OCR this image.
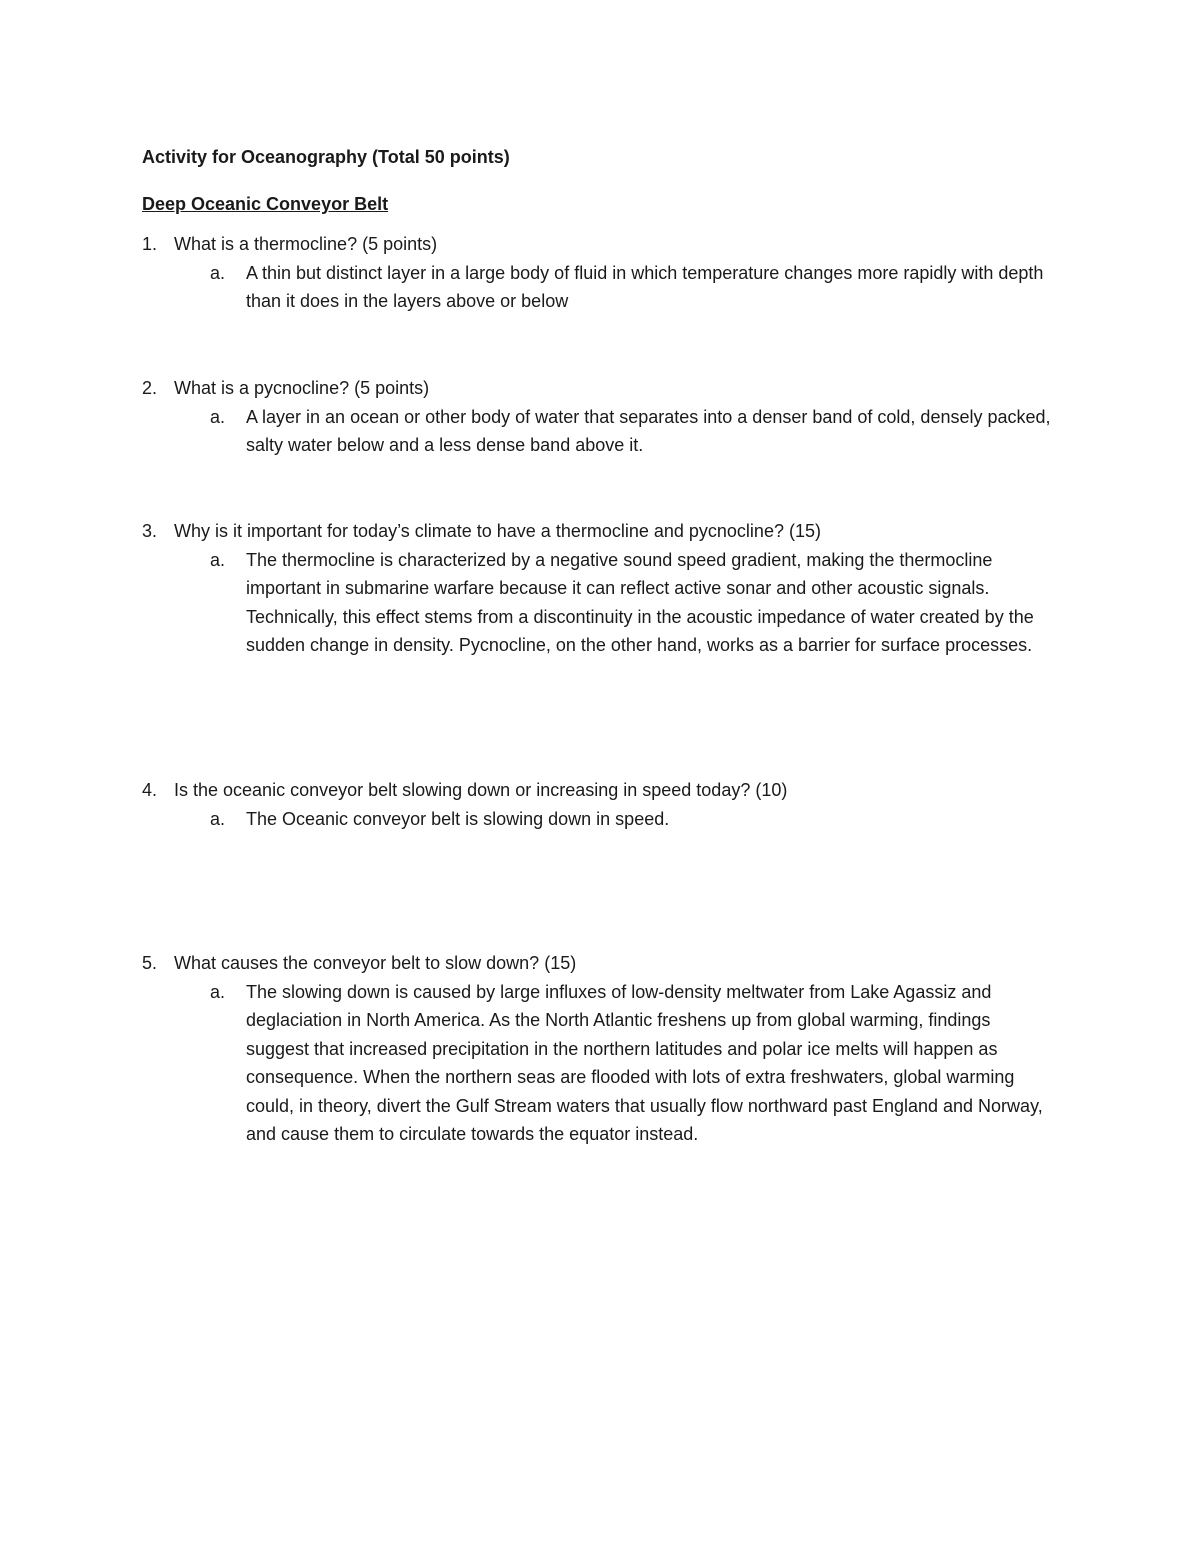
Activity for Oceanography (Total 50 points)
Deep Oceanic Conveyor Belt
1. What is a thermocline? (5 points)
a. A thin but distinct layer in a large body of fluid in which temperature changes more rapidly with depth than it does in the layers above or below
2. What is a pycnocline? (5 points)
a. A layer in an ocean or other body of water that separates into a denser band of cold, densely packed, salty water below and a less dense band above it.
3. Why is it important for today’s climate to have a thermocline and pycnocline? (15)
a. The thermocline is characterized by a negative sound speed gradient, making the thermocline important in submarine warfare because it can reflect active sonar and other acoustic signals. Technically, this effect stems from a discontinuity in the acoustic impedance of water created by the sudden change in density. Pycnocline, on the other hand, works as a barrier for surface processes.
4. Is the oceanic conveyor belt slowing down or increasing in speed today? (10)
a. The Oceanic conveyor belt is slowing down in speed.
5. What causes the conveyor belt to slow down? (15)
a. The slowing down is caused by large influxes of low-density meltwater from Lake Agassiz and deglaciation in North America. As the North Atlantic freshens up from global warming, findings suggest that increased precipitation in the northern latitudes and polar ice melts will happen as consequence. When the northern seas are flooded with lots of extra freshwaters, global warming could, in theory, divert the Gulf Stream waters that usually flow northward past England and Norway, and cause them to circulate towards the equator instead.
